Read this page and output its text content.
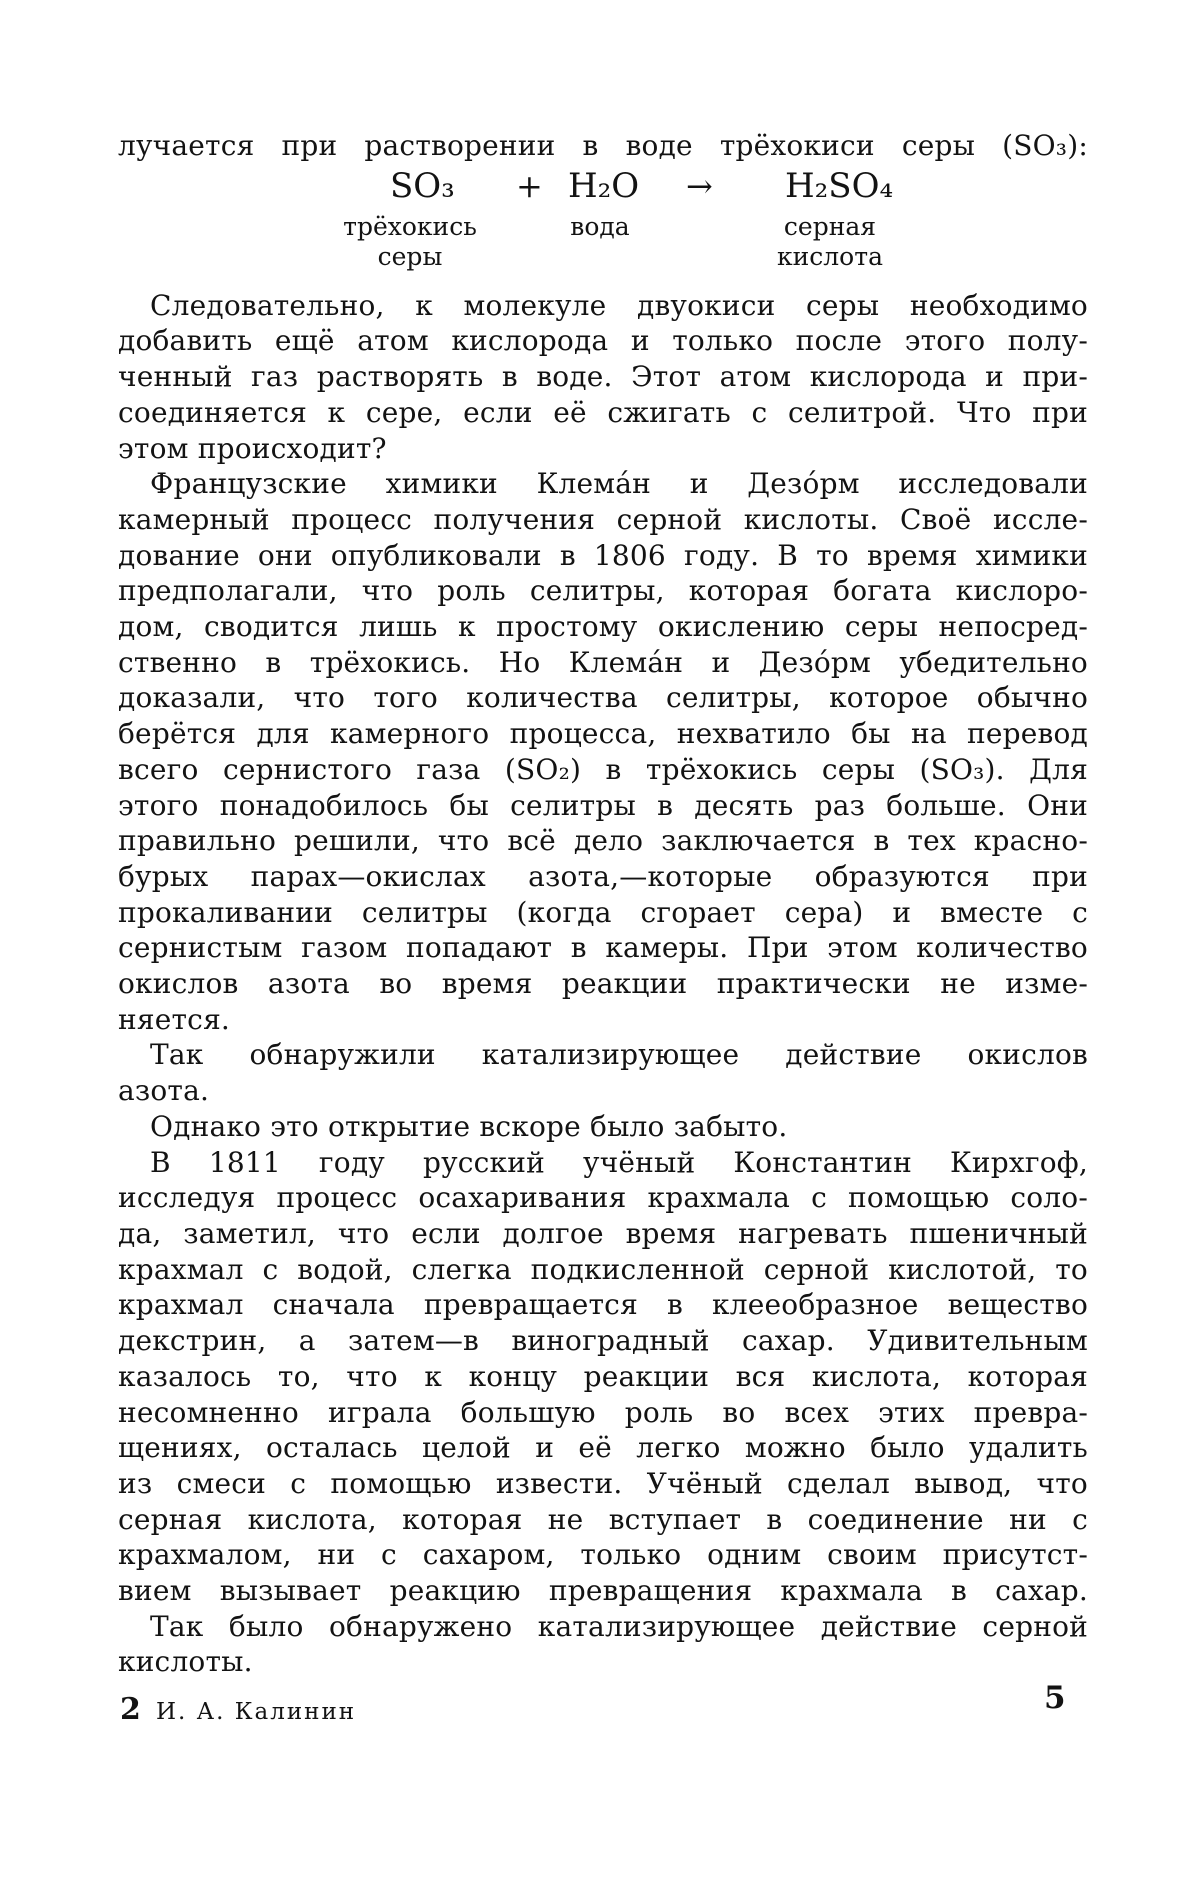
лучается при растворении в воде трёхокиси серы (SO₃):
SO₃ + H₂O → H₂SO₄
трёхокись
серы
вода	серная
кислота
Следовательно, к молекуле двуокиси серы необходимо
добавить ещё атом кислорода и только после этого полу-
ченный газ растворять в воде. Этот атом кислорода и при-
соединяется к сере, если её сжигать с селитрой. Что при
этом происходит?
Французские химики Клема́н и Дезо́рм исследовали
камерный процесс получения серной кислоты. Своё иссле-
дование они опубликовали в 1806 году. В то время химики
предполагали, что роль селитры, которая богата кислоро-
дом, сводится лишь к простому окислению серы непосред-
ственно в трёхокись. Но Клема́н и Дезо́рм убедительно
доказали, что того количества селитры, которое обычно
берётся для камерного процесса, нехватило бы на перевод
всего сернистого газа (SO₂) в трёхокись серы (SO₃). Для
этого понадобилось бы селитры в десять раз больше. Они
правильно решили, что всё дело заключается в тех красно-
бурых парах—окислах азота,—которые образуются при
прокаливании селитры (когда сгорает сера) и вместе с
сернистым газом попадают в камеры. При этом количество
окислов азота во время реакции практически не изме-
няется.
Так обнаружили катализирующее действие окислов
азота.
Однако это открытие вскоре было забыто.
В 1811 году русский учёный Константин Кирхгоф,
исследуя процесс осахаривания крахмала с помощью соло-
да, заметил, что если долгое время нагревать пшеничный
крахмал с водой, слегка подкисленной серной кислотой, то
крахмал сначала превращается в клееобразное вещество
декстрин, а затем—в виноградный сахар. Удивительным
казалось то, что к концу реакции вся кислота, которая
несомненно играла большую роль во всех этих превра-
щениях, осталась целой и её легко можно было удалить
из смеси с помощью извести. Учёный сделал вывод, что
серная кислота, которая не вступает в соединение ни с
крахмалом, ни с сахаром, только одним своим присутст-
вием вызывает реакцию превращения крахмала в сахар.
Так было обнаружено катализирующее действие серной
кислоты.
2 И. А. Калинин	5
